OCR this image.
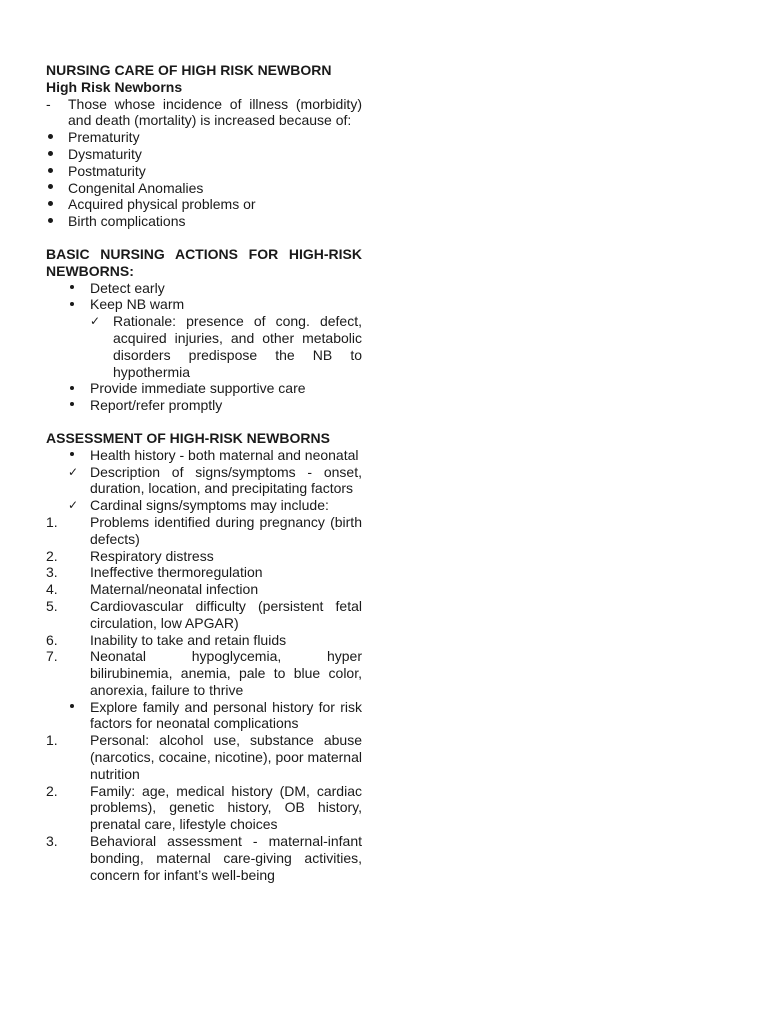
NURSING CARE OF HIGH RISK NEWBORN
High Risk Newborns
-	Those whose incidence of illness (morbidity) and death (mortality) is increased because of:
Prematurity
Dysmaturity
Postmaturity
Congenital Anomalies
Acquired physical problems or
Birth complications
BASIC NURSING ACTIONS FOR HIGH-RISK NEWBORNS:
Detect early
Keep NB warm
✓ Rationale: presence of cong. defect, acquired injuries, and other metabolic disorders predispose the NB to hypothermia
Provide immediate supportive care
Report/refer promptly
ASSESSMENT OF HIGH-RISK NEWBORNS
Health history - both maternal and neonatal
✓ Description of signs/symptoms - onset, duration, location, and precipitating factors
✓ Cardinal signs/symptoms may include:
1.	Problems identified during pregnancy (birth defects)
2.	Respiratory distress
3.	Ineffective thermoregulation
4.	Maternal/neonatal infection
5.	Cardiovascular difficulty (persistent fetal circulation, low APGAR)
6.	Inability to take and retain fluids
7.	Neonatal hypoglycemia, hyper bilirubinemia, anemia, pale to blue color, anorexia, failure to thrive
Explore family and personal history for risk factors for neonatal complications
1.	Personal: alcohol use, substance abuse (narcotics, cocaine, nicotine), poor maternal nutrition
2.	Family: age, medical history (DM, cardiac problems), genetic history, OB history, prenatal care, lifestyle choices
3.	Behavioral assessment - maternal-infant bonding, maternal care-giving activities, concern for infant’s well-being
